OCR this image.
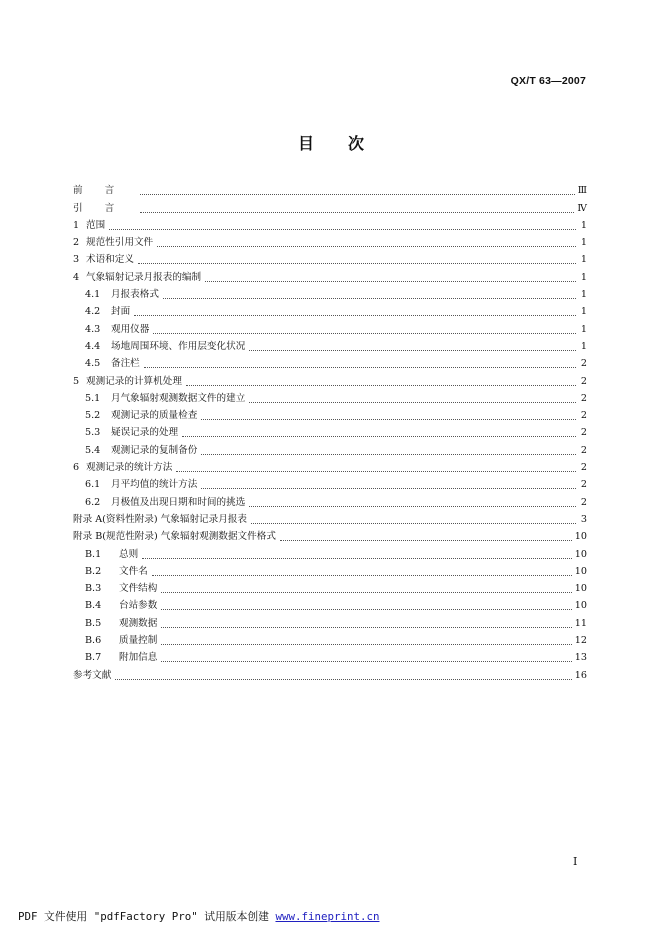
QX/T 63—2007
目次
前言	Ⅲ
引言	Ⅳ
1 范围	1
2 规范性引用文件	1
3 术语和定义	1
4 气象辐射记录月报表的编制	1
4.1	月报表格式	1
4.2	封面	1
4.3	观用仪器	1
4.4	场地周围环境、作用层变化状况	1
4.5	备注栏	2
5 观测记录的计算机处理	2
5.1	月气象辐射观测数据文件的建立	2
5.2	观测记录的质量检查	2
5.3	疑误记录的处理	2
5.4	观测记录的复制备份	2
6 观测记录的统计方法	2
6.1	月平均值的统计方法	2
6.2	月极值及出现日期和时间的挑选	2
附录 A(资料性附录) 气象辐射记录月报表	3
附录 B(规范性附录) 气象辐射观测数据文件格式	10
B.1	总则	10
B.2	文件名	10
B.3	文件结构	10
B.4	台站参数	10
B.5	观测数据	11
B.6	质量控制	12
B.7	附加信息	13
参考文献	16
I
PDF 文件使用 "pdfFactory Pro" 试用版本创建 www.fineprint.cn
